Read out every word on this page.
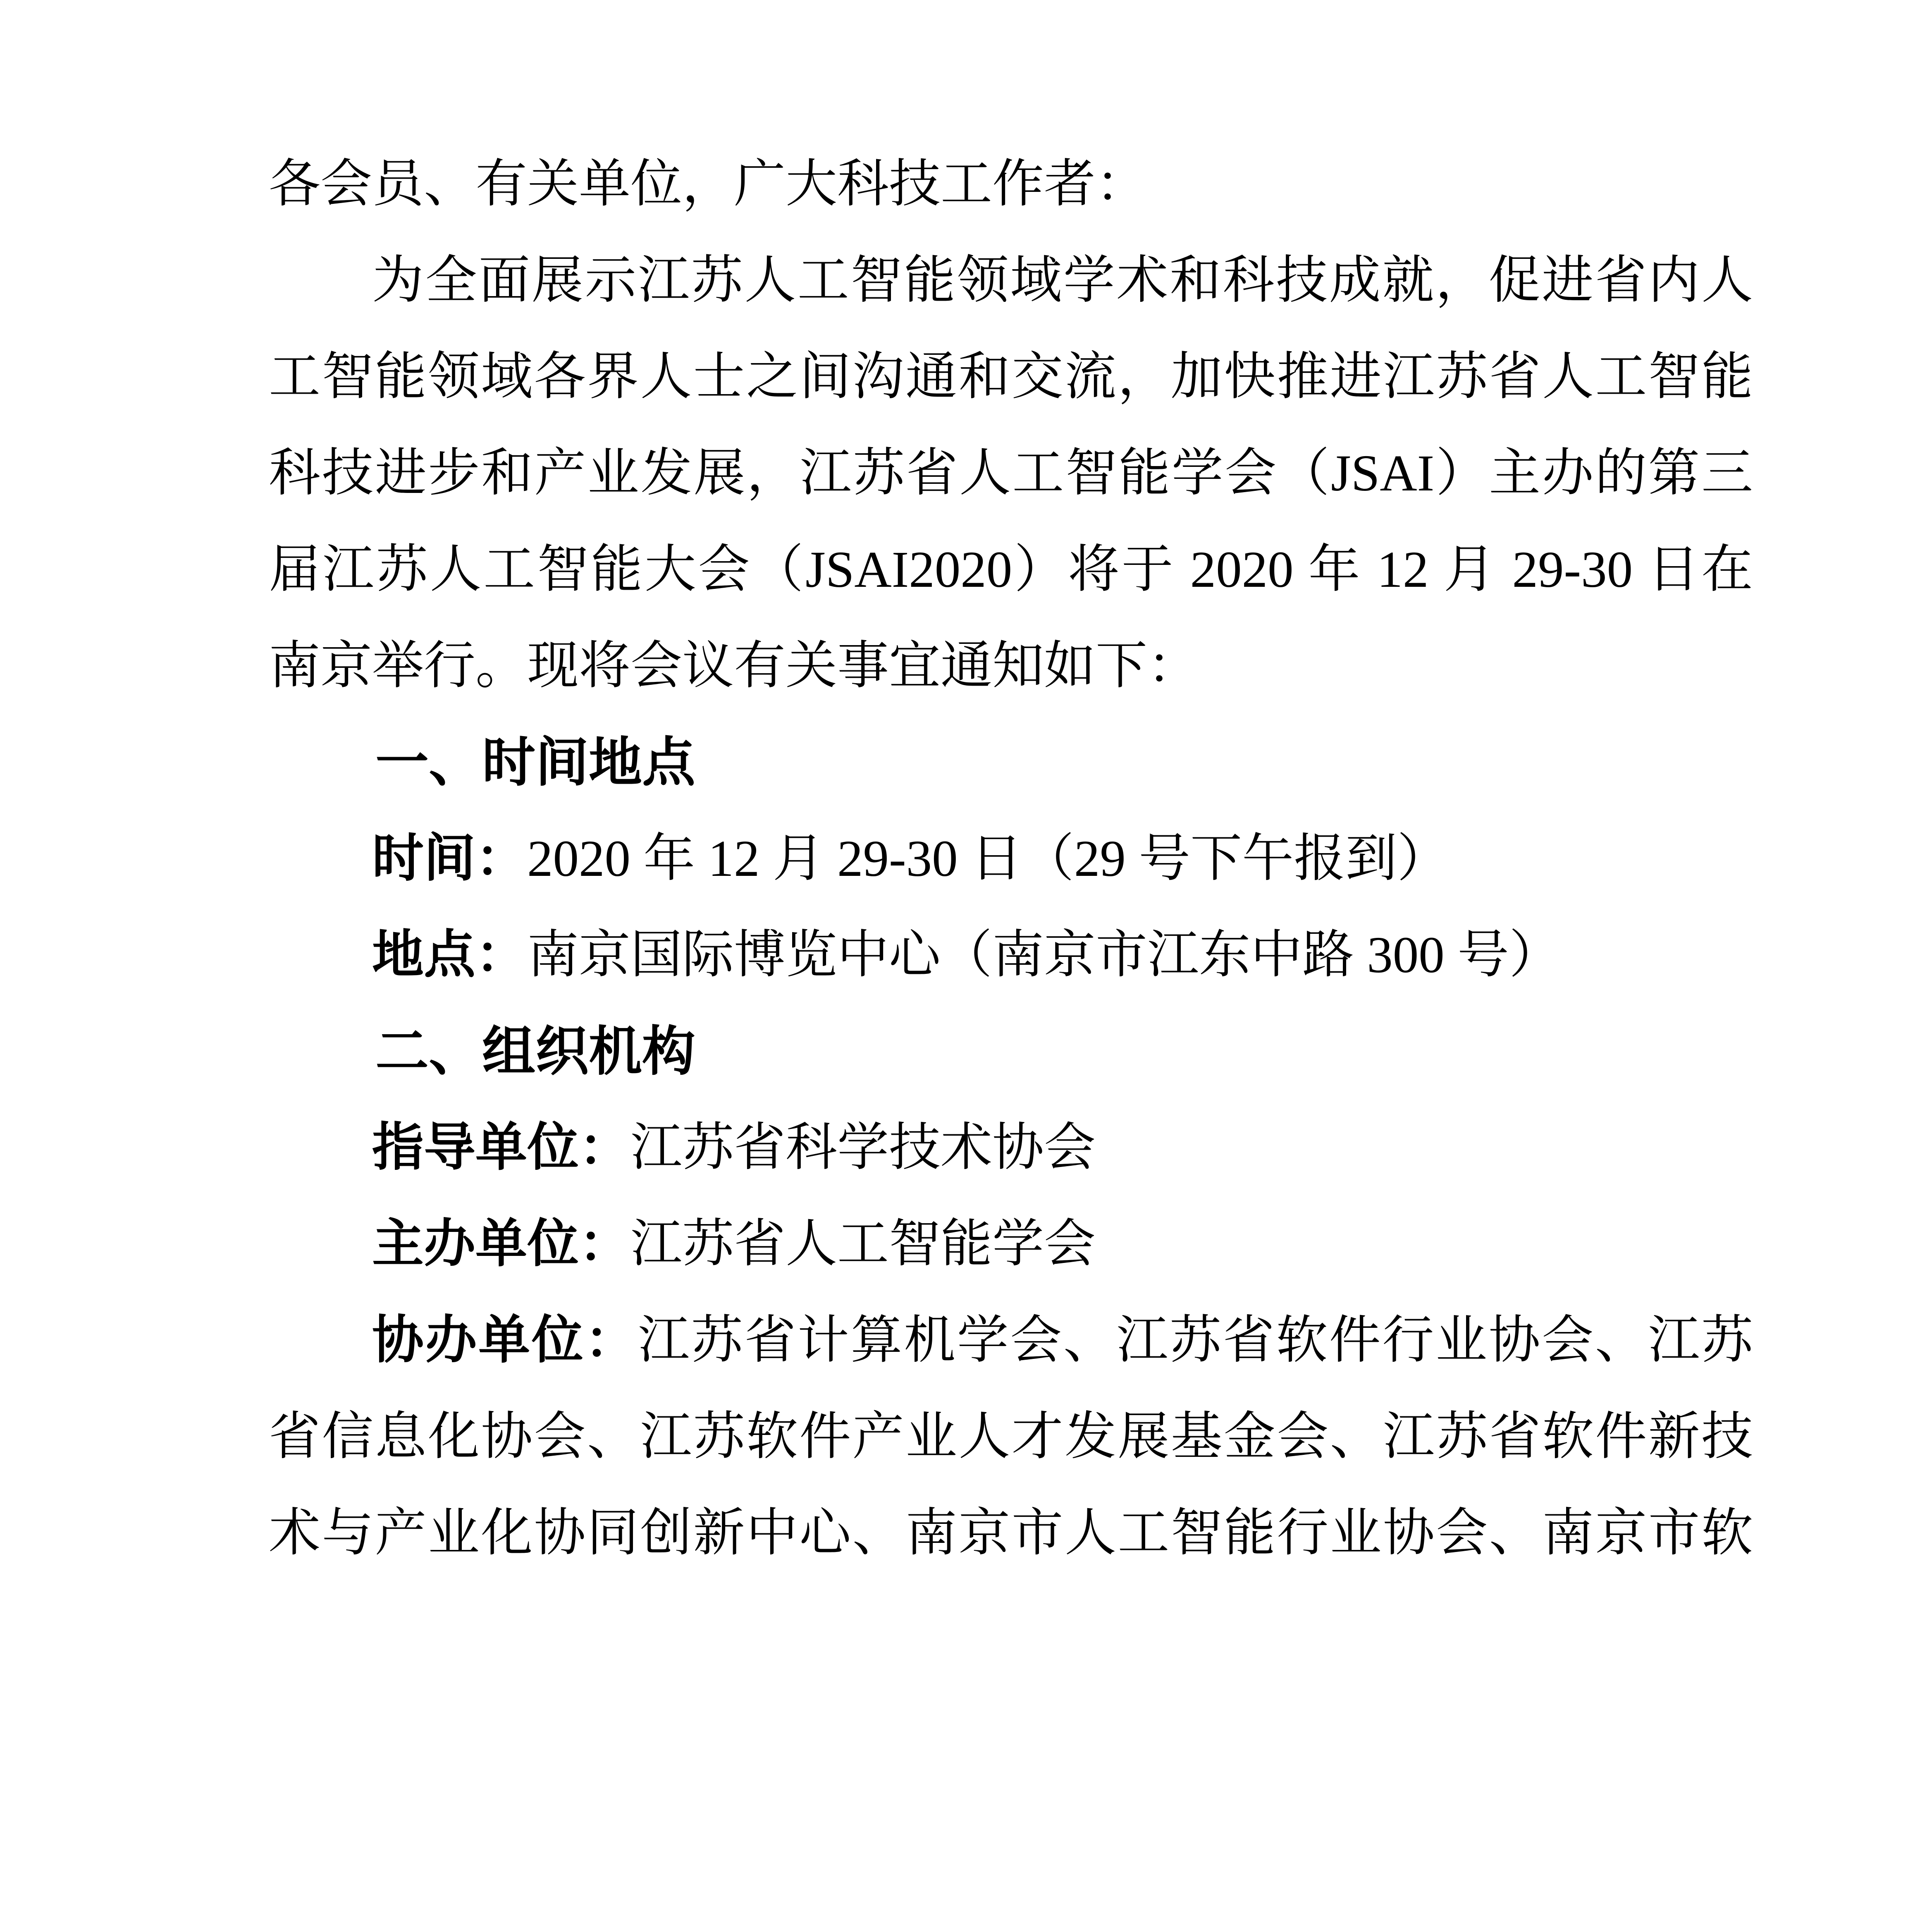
各会员、有关单位，广大科技工作者：

为全面展示江苏人工智能领域学术和科技成就，促进省内人

工智能领域各界人士之间沟通和交流，加快推进江苏省人工智能

科技进步和产业发展，江苏省人工智能学会（JSAI）主办的第三

届江苏人工智能大会（JSAI2020）将于 2020 年 12 月 29-30 日在

南京举行。现将会议有关事宜通知如下：

一、时间地点

时间：2020 年 12 月 29-30 日（29 号下午报到）

地点：南京国际博览中心（南京市江东中路 300 号）

二、组织机构

指导单位：江苏省科学技术协会

主办单位：江苏省人工智能学会

协办单位：江苏省计算机学会、江苏省软件行业协会、江苏

省信息化协会、江苏软件产业人才发展基金会、江苏省软件新技

术与产业化协同创新中心、南京市人工智能行业协会、南京市软
